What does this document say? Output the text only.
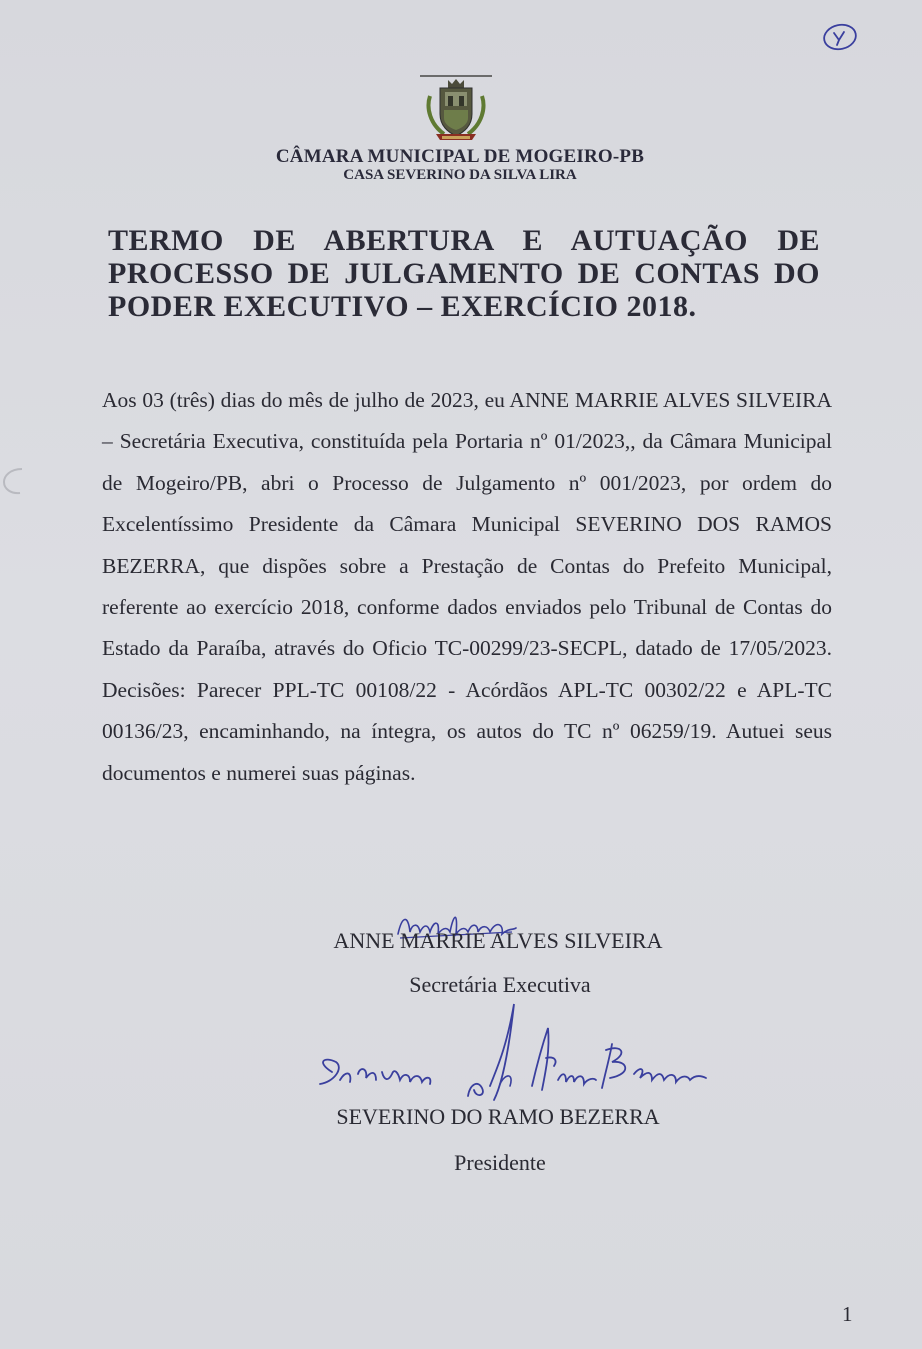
CÂMARA MUNICIPAL DE MOGEIRO-PB
CASA SEVERINO DA SILVA LIRA
TERMO DE ABERTURA E AUTUAÇÃO DE PROCESSO DE JULGAMENTO DE CONTAS DO PODER EXECUTIVO – EXERCÍCIO 2018.
Aos 03 (três) dias do mês de julho de 2023, eu ANNE MARRIE ALVES SILVEIRA – Secretária Executiva, constituída pela Portaria nº 01/2023,, da Câmara Municipal de Mogeiro/PB, abri o Processo de Julgamento nº 001/2023, por ordem do Excelentíssimo Presidente da Câmara Municipal SEVERINO DOS RAMOS BEZERRA, que dispões sobre a Prestação de Contas do Prefeito Municipal, referente ao exercício 2018, conforme dados enviados pelo Tribunal de Contas do Estado da Paraíba, através do Oficio TC-00299/23-SECPL, datado de 17/05/2023. Decisões: Parecer PPL-TC 00108/22 - Acórdãos APL-TC 00302/22 e APL-TC 00136/23, encaminhando, na íntegra, os autos do TC nº 06259/19. Autuei seus documentos e numerei suas páginas.
ANNE MARRIE ALVES SILVEIRA
Secretária Executiva
SEVERINO DO RAMO BEZERRA
Presidente
1
